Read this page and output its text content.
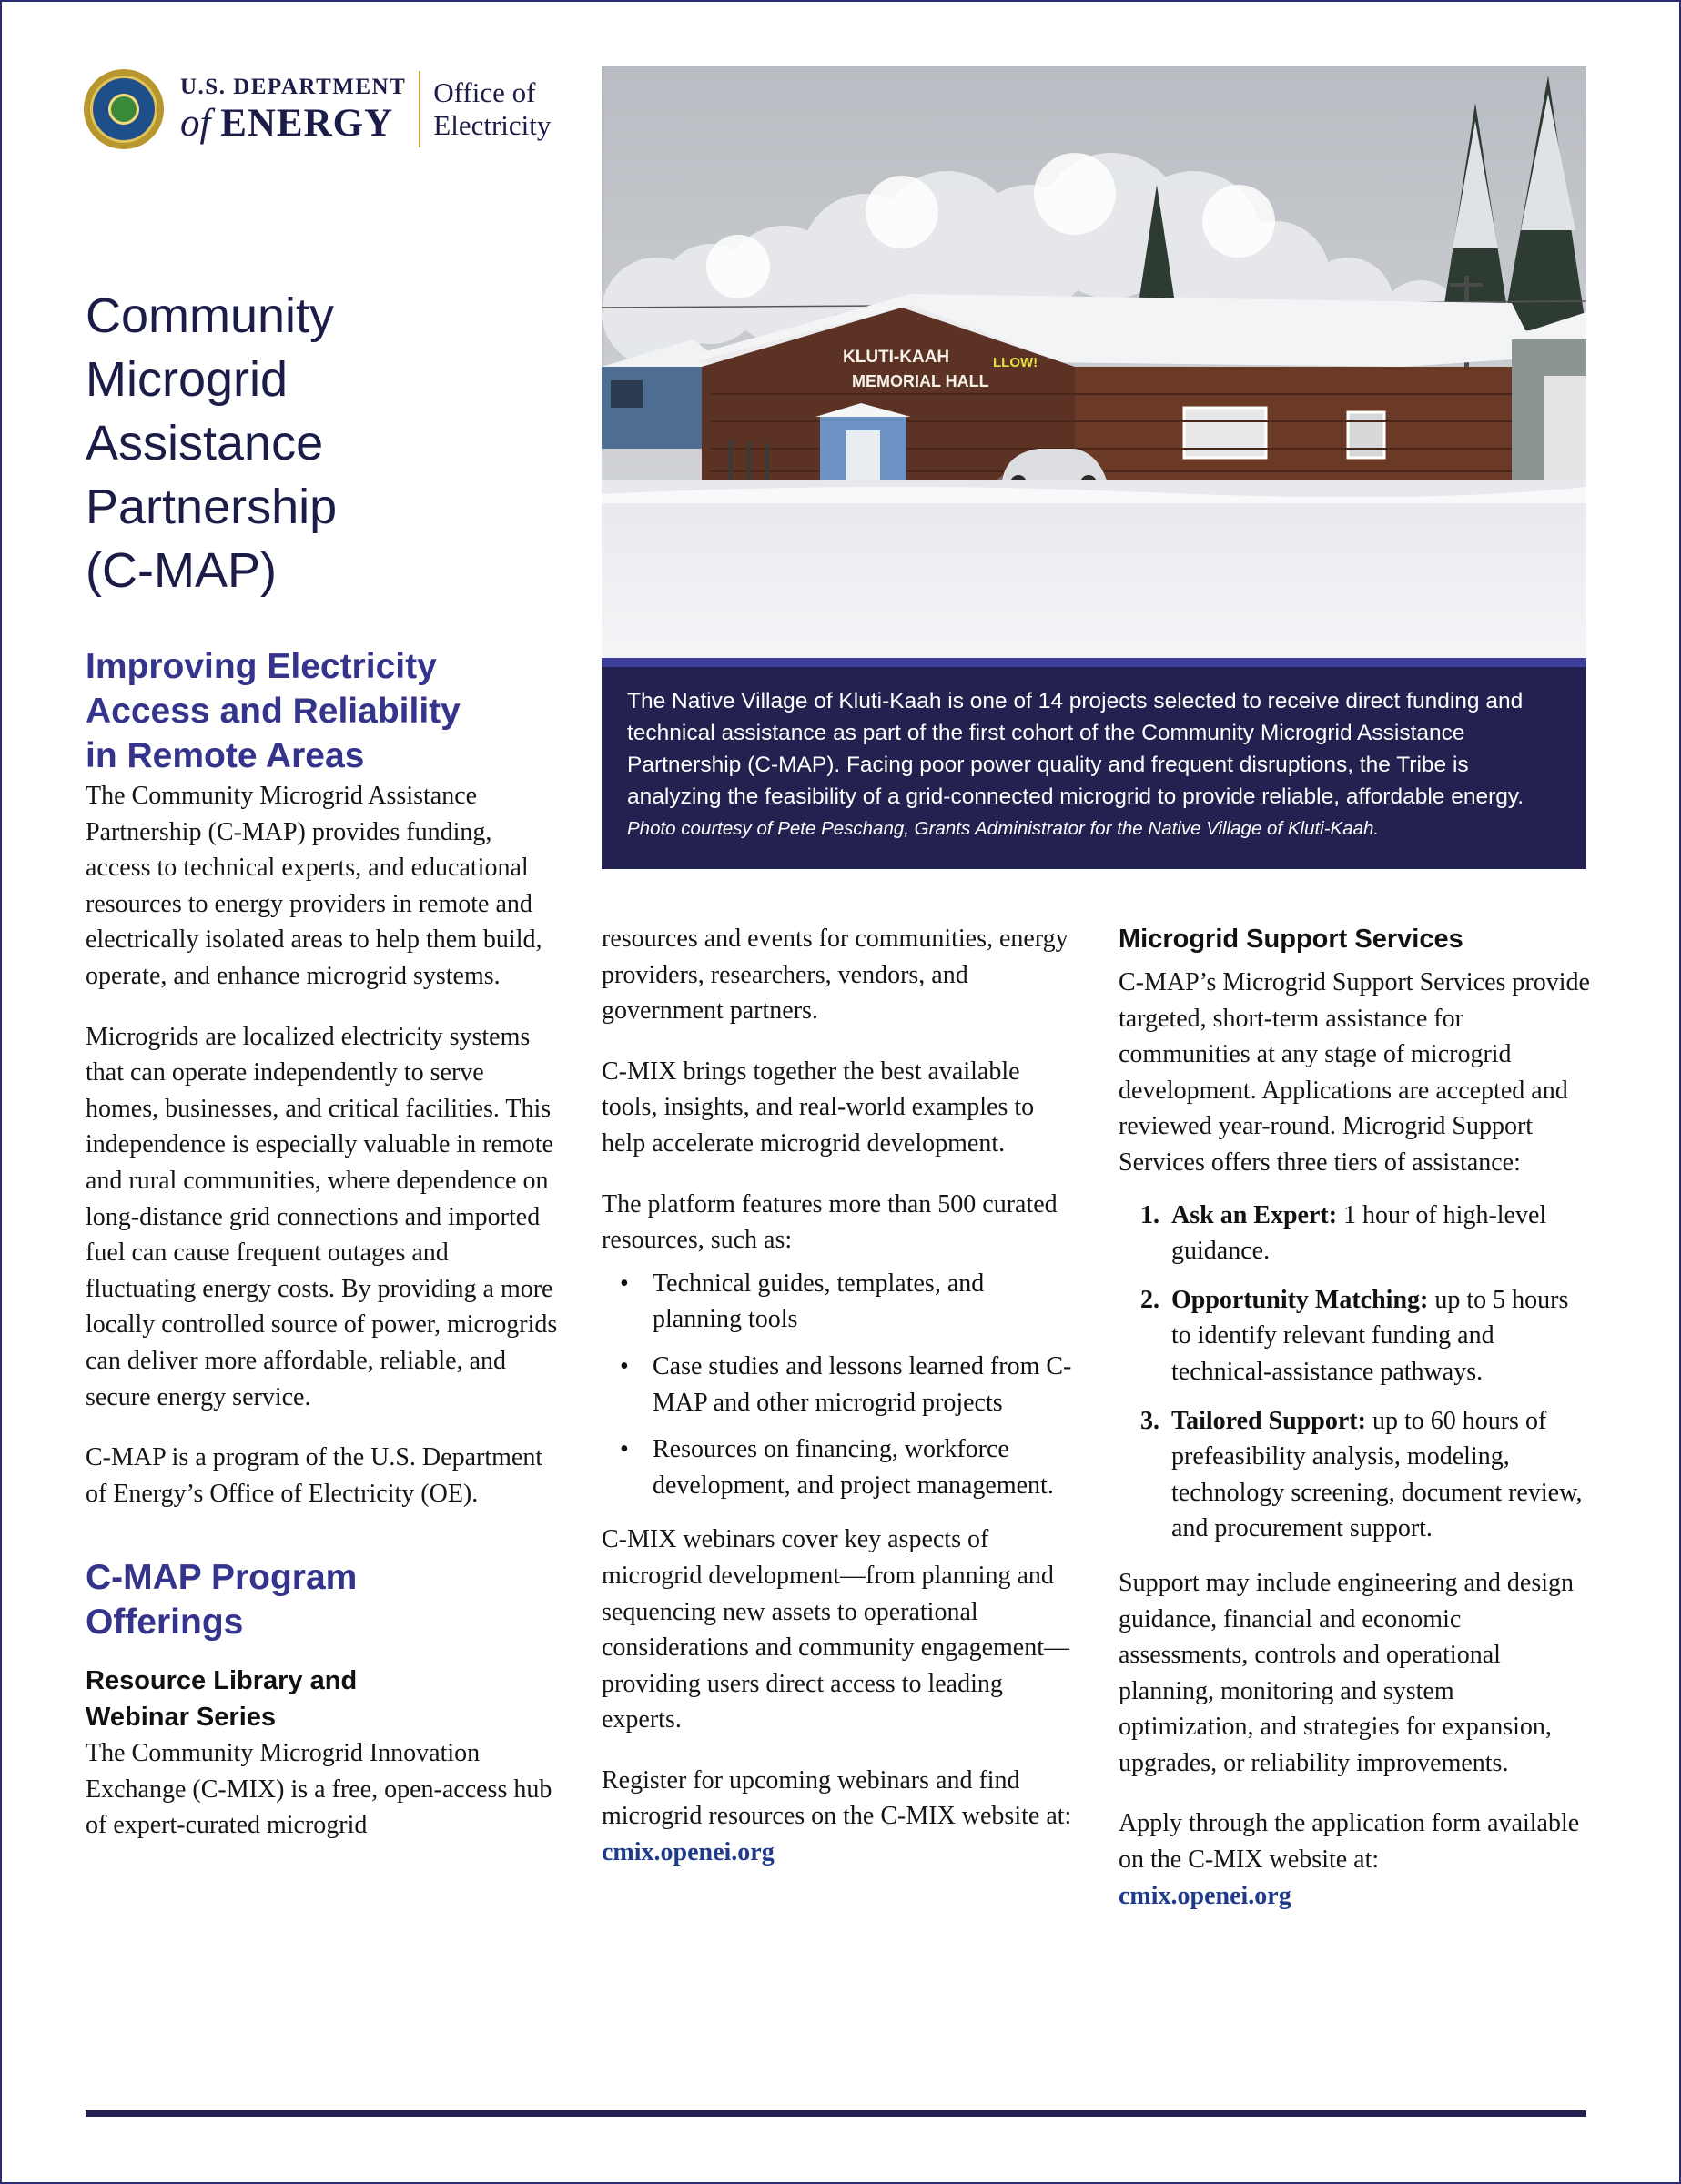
U.S. DEPARTMENT
of ENERGY
Office of
Electricity
KLUTI-KAAH
MEMORIAL HALL
LLOW!

The Native Village of Kluti-Kaah is one of 14 projects selected to receive direct funding and technical assistance as part of the first cohort of the Community Microgrid Assistance Partnership (C-MAP). Facing poor power quality and frequent disruptions, the Tribe is analyzing the feasibility of a grid-connected microgrid to provide reliable, affordable energy.

Photo courtesy of Pete Peschang, Grants Administrator for the Native Village of Kluti-Kaah.

Community
Microgrid
Assistance
Partnership
(C-MAP)
Improving Electricity
Access and Reliability
in Remote Areas

The Community Microgrid Assistance Partnership (C-MAP) provides funding, access to technical experts, and educational resources to energy providers in remote and electrically isolated areas to help them build, operate, and enhance microgrid systems.

Microgrids are localized electricity systems that can operate independently to serve homes, businesses, and critical facilities. This independence is especially valuable in remote and rural communities, where dependence on long-distance grid connections and imported fuel can cause frequent outages and fluctuating energy costs. By providing a more locally controlled source of power, microgrids can deliver more affordable, reliable, and secure energy service.

C-MAP is a program of the U.S. Department of Energy’s Office of Electricity (OE).

C-MAP Program
Offerings
Resource Library and
Webinar Series

The Community Microgrid Innovation Exchange (C-MIX) is a free, open-access hub of expert-curated microgrid

resources and events for communities, energy providers, researchers, vendors, and government partners.

C-MIX brings together the best available tools, insights, and real-world examples to help accelerate microgrid development.

The platform features more than 500 curated resources, such as:

• Technical guides, templates, and planning tools
• Case studies and lessons learned from C-MAP and other microgrid projects
• Resources on financing, workforce development, and project management.

C-MIX webinars cover key aspects of microgrid development—from planning and sequencing new assets to operational considerations and community engagement—providing users direct access to leading experts.

Register for upcoming webinars and find microgrid resources on the C-MIX website at: cmix.openei.org

Microgrid Support Services

C-MAP’s Microgrid Support Services provide targeted, short-term assistance for communities at any stage of microgrid development. Applications are accepted and reviewed year-round. Microgrid Support Services offers three tiers of assistance:

1. Ask an Expert: 1 hour of high-level guidance.
2. Opportunity Matching: up to 5 hours to identify relevant funding and technical-assistance pathways.
3. Tailored Support: up to 60 hours of prefeasibility analysis, modeling, technology screening, document review, and procurement support.

Support may include engineering and design guidance, financial and economic assessments, controls and operational planning, monitoring and system optimization, and strategies for expansion, upgrades, or reliability improvements.

Apply through the application form available on the C-MIX website at:

cmix.openei.org
